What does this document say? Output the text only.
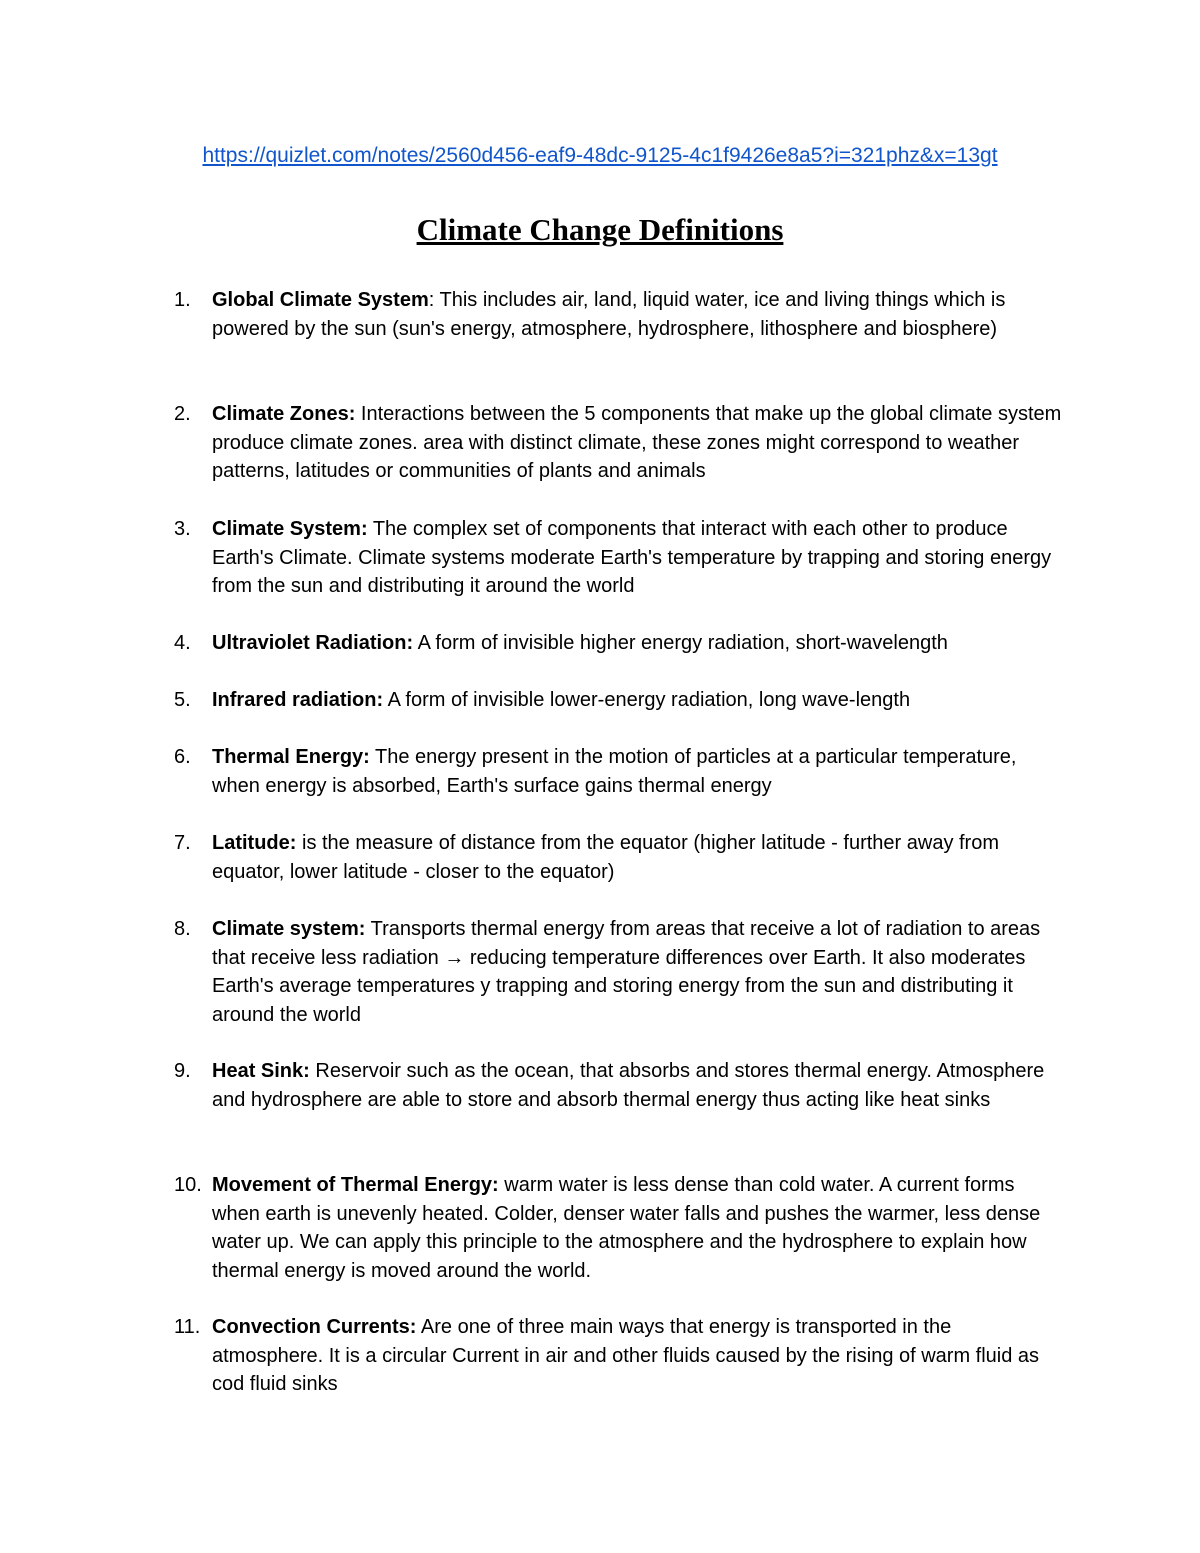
https://quizlet.com/notes/2560d456-eaf9-48dc-9125-4c1f9426e8a5?i=321phz&x=13gt
Climate Change Definitions
1.	Global Climate System: This includes air, land, liquid water, ice and living things which is powered by the sun (sun's energy, atmosphere, hydrosphere, lithosphere and biosphere)
2.	Climate Zones: Interactions between the 5 components that make up the global climate system produce climate zones. area with distinct climate, these zones might correspond to weather patterns, latitudes or communities of plants and animals
3.	Climate System: The complex set of components that interact with each other to produce Earth's Climate. Climate systems moderate Earth's temperature by trapping and storing energy from the sun and distributing it around the world
4.	Ultraviolet Radiation: A form of invisible higher energy radiation, short-wavelength
5.	Infrared radiation: A form of invisible lower-energy radiation, long wave-length
6.	Thermal Energy: The energy present in the motion of particles at a particular temperature, when energy is absorbed, Earth's surface gains thermal energy
7.	Latitude: is the measure of distance from the equator (higher latitude - further away from equator, lower latitude - closer to the equator)
8.	Climate system: Transports thermal energy from areas that receive a lot of radiation to areas that receive less radiation → reducing temperature differences over Earth. It also moderates Earth's average temperatures y trapping and storing energy from the sun and distributing it around the world
9.	Heat Sink: Reservoir such as the ocean, that absorbs and stores thermal energy. Atmosphere and hydrosphere are able to store and absorb thermal energy thus acting like heat sinks
10. Movement of Thermal Energy: warm water is less dense than cold water. A current forms when earth is unevenly heated. Colder, denser water falls and pushes the warmer, less dense water up. We can apply this principle to the atmosphere and the hydrosphere to explain how thermal energy is moved around the world.
11. Convection Currents: Are one of three main ways that energy is transported in the atmosphere. It is a circular Current in air and other fluids caused by the rising of warm fluid as cod fluid sinks
